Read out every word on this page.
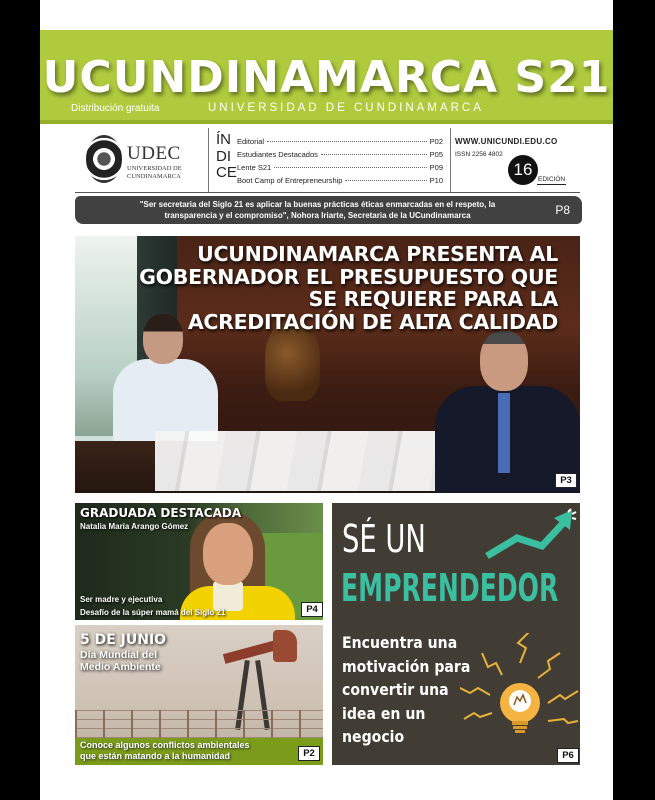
UCUNDINAMARCA S21
Distribución gratuita	UNIVERSIDAD DE CUNDINAMARCA
UDEC
UNIVERSIDAD DE
CUNDINAMARCA
ÍN
DI
CE
Editorial	P02
Estudiantes Destacados	P05
Lente S21	P09
Boot Camp of Entrepreneurship	P10
WWW.UNICUNDI.EDU.CO
ISSN 2256 4802
16
EDICIÓN
"Ser secretaria del Siglo 21 es aplicar la buenas prácticas éticas enmarcadas en el respeto, la transparencia y el compromiso", Nohora Iriarte, Secretaria de la UCundinamarca	P8
UCUNDINAMARCA PRESENTA AL GOBERNADOR EL PRESUPUESTO QUE SE REQUIERE PARA LA ACREDITACIÓN DE ALTA CALIDAD
P3
GRADUADA DESTACADA
Natalia María Arango Gómez
Ser madre y ejecutiva
Desafío de la súper mamá del Siglo 21	P4
5 DE JUNIO
Día Mundial del
Medio Ambiente
Conoce algunos conflictos ambientales
que están matando a la humanidad	P2
SÉ UN
EMPRENDEDOR
Encuentra una
motivación para
convertir una
idea en un
negocio
P6
